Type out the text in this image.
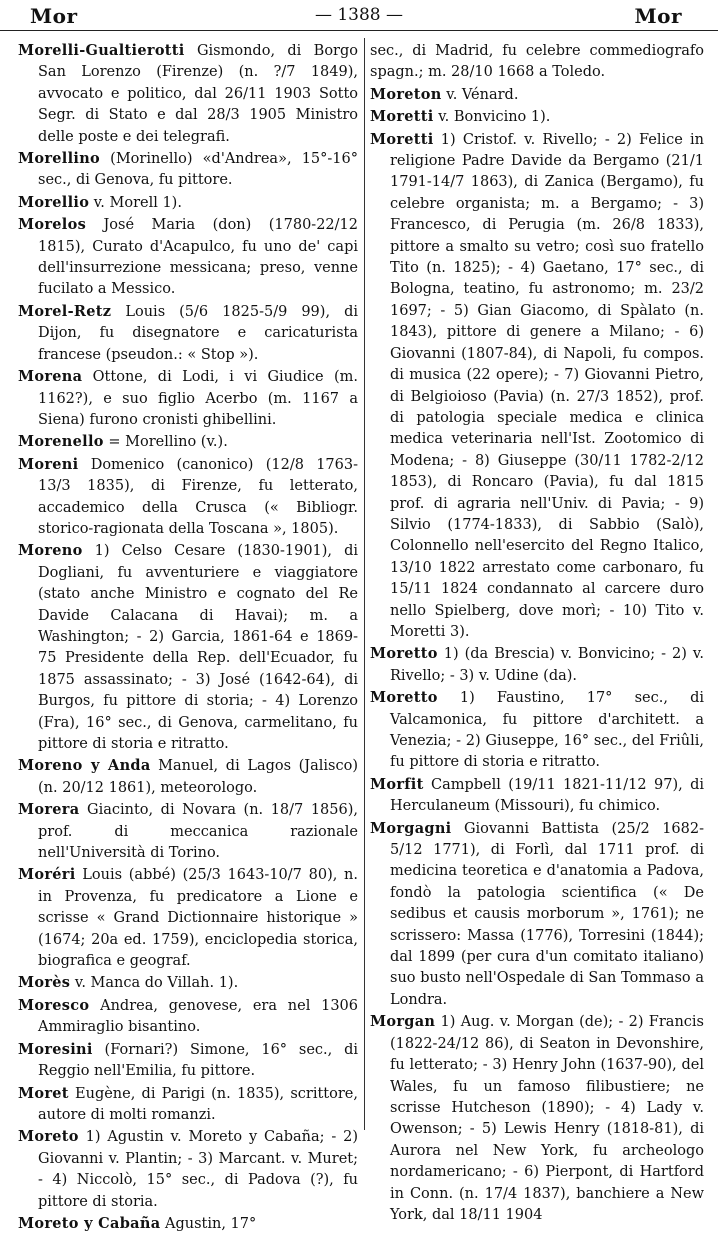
Mor	— 1388 —	Mor

Morelli-Gualtierotti Gismondo, di Borgo San Lorenzo (Firenze) (n. ?/7 1849), avvocato e politico, dal 26/11 1903 Sotto Segr. di Stato e dal 28/3 1905 Ministro delle poste e dei telegrafi.

Morellino (Morinello) «d'Andrea», 15°-16° sec., di Genova, fu pittore.

Morellio v. Morell 1).

Morelos José Maria (don) (1780-22/12 1815), Curato d'Acapulco, fu uno de' capi dell'insurrezione messicana; preso, venne fucilato a Messico.

Morel-Retz Louis (5/6 1825-5/9 99), di Dijon, fu disegnatore e caricaturista francese (pseudon.: « Stop »).

Morena Ottone, di Lodi, i vi Giudice (m. 1162?), e suo figlio Acerbo (m. 1167 a Siena) furono cronisti ghibellini.

Morenello = Morellino (v.).

Moreni Domenico (canonico) (12/8 1763-13/3 1835), di Firenze, fu letterato, accademico della Crusca (« Bibliogr. storico-ragionata della Toscana », 1805).

Moreno 1) Celso Cesare (1830-1901), di Dogliani, fu avventuriere e viaggiatore (stato anche Ministro e cognato del Re Davide Calacana di Havai); m. a Washington; - 2) Garcia, 1861-64 e 1869-75 Presidente della Rep. dell'Ecuador, fu 1875 assassinato; - 3) José (1642-64), di Burgos, fu pittore di storia; - 4) Lorenzo (Fra), 16° sec., di Genova, carmelitano, fu pittore di storia e ritratto.

Moreno y Anda Manuel, di Lagos (Jalisco) (n. 20/12 1861), meteorologo.

Morera Giacinto, di Novara (n. 18/7 1856), prof. di meccanica razionale nell'Università di Torino.

Moréri Louis (abbé) (25/3 1643-10/7 80), n. in Provenza, fu predicatore a Lione e scrisse « Grand Dictionnaire historique » (1674; 20a ed. 1759), enciclopedia storica, biografica e geograf.

Morès v. Manca do Villah. 1).

Moresco Andrea, genovese, era nel 1306 Ammiraglio bisantino.

Moresini (Fornari?) Simone, 16° sec., di Reggio nell'Emilia, fu pittore.

Moret Eugène, di Parigi (n. 1835), scrittore, autore di molti romanzi.

Moreto 1) Agustin v. Moreto y Cabaña; - 2) Giovanni v. Plantin; - 3) Marcant. v. Muret; - 4) Niccolò, 15° sec., di Padova (?), fu pittore di storia.

Moreto y Cabaña Agustin, 17°

sec., di Madrid, fu celebre commediografo spagn.; m. 28/10 1668 a Toledo.

Moreton v. Vénard.

Moretti v. Bonvicino 1).

Moretti 1) Cristof. v. Rivello; - 2) Felice in religione Padre Davide da Bergamo (21/1 1791-14/7 1863), di Zanica (Bergamo), fu celebre organista; m. a Bergamo; - 3) Francesco, di Perugia (m. 26/8 1833), pittore a smalto su vetro; così suo fratello Tito (n. 1825); - 4) Gaetano, 17° sec., di Bologna, teatino, fu astronomo; m. 23/2 1697; - 5) Gian Giacomo, di Spàlato (n. 1843), pittore di genere a Milano; - 6) Giovanni (1807-84), di Napoli, fu compos. di musica (22 opere); - 7) Giovanni Pietro, di Belgioioso (Pavia) (n. 27/3 1852), prof. di patologia speciale medica e clinica medica veterinaria nell'Ist. Zootomico di Modena; - 8) Giuseppe (30/11 1782-2/12 1853), di Roncaro (Pavia), fu dal 1815 prof. di agraria nell'Univ. di Pavia; - 9) Silvio (1774-1833), di Sabbio (Salò), Colonnello nell'esercito del Regno Italico, 13/10 1822 arrestato come carbonaro, fu 15/11 1824 condannato al carcere duro nello Spielberg, dove morì; - 10) Tito v. Moretti 3).

Moretto 1) (da Brescia) v. Bonvicino; - 2) v. Rivello; - 3) v. Udine (da).

Moretto 1) Faustino, 17° sec., di Valcamonica, fu pittore d'architett. a Venezia; - 2) Giuseppe, 16° sec., del Friûli, fu pittore di storia e ritratto.

Morfit Campbell (19/11 1821-11/12 97), di Herculaneum (Missouri), fu chimico.

Morgagni Giovanni Battista (25/2 1682-5/12 1771), di Forlì, dal 1711 prof. di medicina teoretica e d'anatomia a Padova, fondò la patologia scientifica (« De sedibus et causis morborum », 1761); ne scrissero: Massa (1776), Torresini (1844); dal 1899 (per cura d'un comitato italiano) suo busto nell'Ospedale di San Tommaso a Londra.

Morgan 1) Aug. v. Morgan (de); - 2) Francis (1822-24/12 86), di Seaton in Devonshire, fu letterato; - 3) Henry John (1637-90), del Wales, fu un famoso filibustiere; ne scrisse Hutcheson (1890); - 4) Lady v. Owenson; - 5) Lewis Henry (1818-81), di Aurora nel New York, fu archeologo nordamericano; - 6) Pierpont, di Hartford in Conn. (n. 17/4 1837), banchiere a New York, dal 18/11 1904
